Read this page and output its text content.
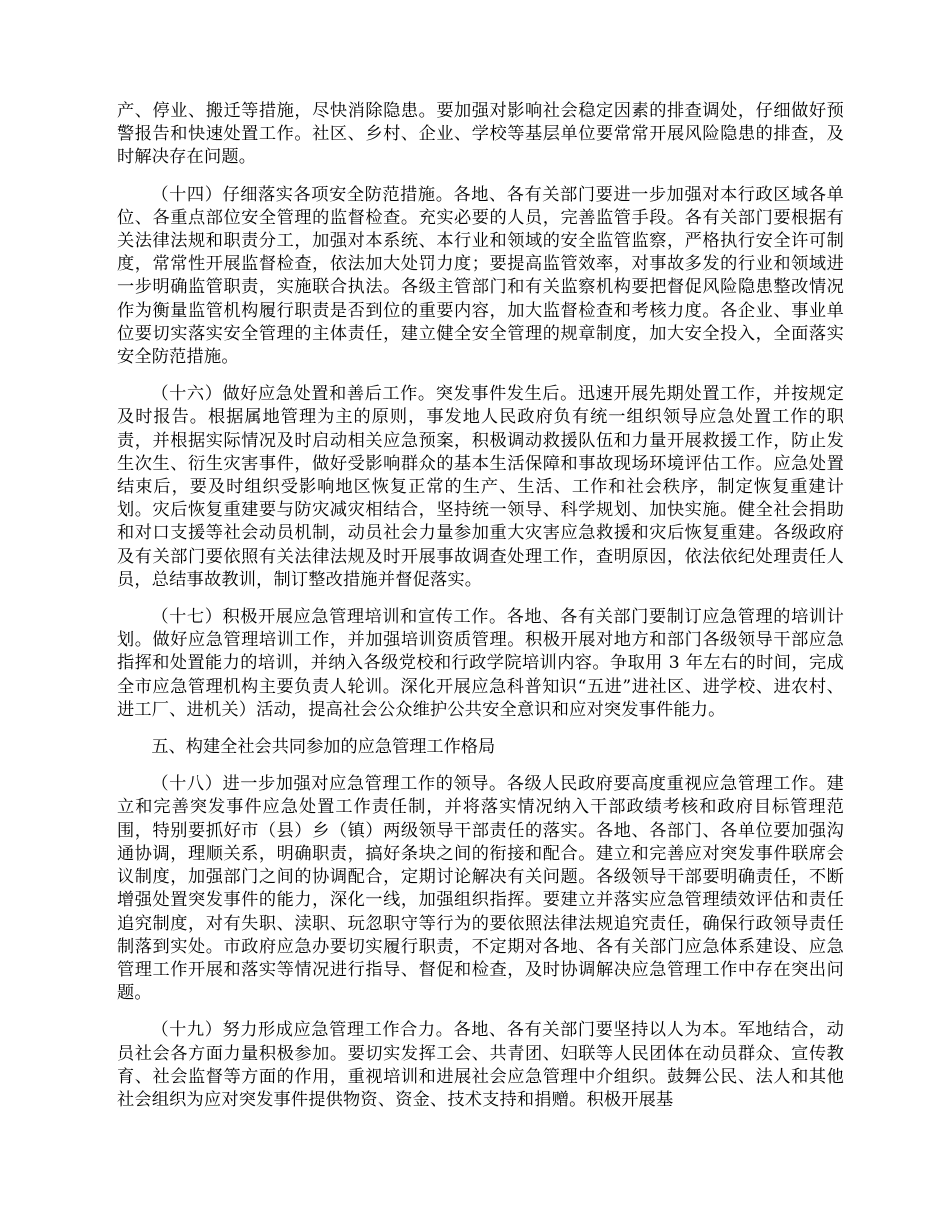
产、停业、搬迁等措施，尽快消除隐患。要加强对影响社会稳定因素的排查调处，仔细做好预警报告和快速处置工作。社区、乡村、企业、学校等基层单位要常常开展风险隐患的排查，及时解决存在问题。

（十四）仔细落实各项安全防范措施。各地、各有关部门要进一步加强对本行政区域各单位、各重点部位安全管理的监督检查。充实必要的人员，完善监管手段。各有关部门要根据有关法律法规和职责分工，加强对本系统、本行业和领域的安全监管监察，严格执行安全许可制度，常常性开展监督检查，依法加大处罚力度；要提高监管效率，对事故多发的行业和领域进一步明确监管职责，实施联合执法。各级主管部门和有关监察机构要把督促风险隐患整改情况作为衡量监管机构履行职责是否到位的重要内容，加大监督检查和考核力度。各企业、事业单位要切实落实安全管理的主体责任，建立健全安全管理的规章制度，加大安全投入，全面落实安全防范措施。

（十六）做好应急处置和善后工作。突发事件发生后。迅速开展先期处置工作，并按规定及时报告。根据属地管理为主的原则，事发地人民政府负有统一组织领导应急处置工作的职责，并根据实际情况及时启动相关应急预案，积极调动救援队伍和力量开展救援工作，防止发生次生、衍生灾害事件，做好受影响群众的基本生活保障和事故现场环境评估工作。应急处置结束后，要及时组织受影响地区恢复正常的生产、生活、工作和社会秩序，制定恢复重建计划。灾后恢复重建要与防灾减灾相结合，坚持统一领导、科学规划、加快实施。健全社会捐助和对口支援等社会动员机制，动员社会力量参加重大灾害应急救援和灾后恢复重建。各级政府及有关部门要依照有关法律法规及时开展事故调查处理工作，查明原因，依法依纪处理责任人员，总结事故教训，制订整改措施并督促落实。

（十七）积极开展应急管理培训和宣传工作。各地、各有关部门要制订应急管理的培训计划。做好应急管理培训工作，并加强培训资质管理。积极开展对地方和部门各级领导干部应急指挥和处置能力的培训，并纳入各级党校和行政学院培训内容。争取用 3 年左右的时间，完成全市应急管理机构主要负责人轮训。深化开展应急科普知识“五进”进社区、进学校、进农村、进工厂、进机关）活动，提高社会公众维护公共安全意识和应对突发事件能力。

五、构建全社会共同参加的应急管理工作格局

（十八）进一步加强对应急管理工作的领导。各级人民政府要高度重视应急管理工作。建立和完善突发事件应急处置工作责任制，并将落实情况纳入干部政绩考核和政府目标管理范围，特别要抓好市（县）乡（镇）两级领导干部责任的落实。各地、各部门、各单位要加强沟通协调，理顺关系，明确职责，搞好条块之间的衔接和配合。建立和完善应对突发事件联席会议制度，加强部门之间的协调配合，定期讨论解决有关问题。各级领导干部要明确责任，不断增强处置突发事件的能力，深化一线，加强组织指挥。要建立并落实应急管理绩效评估和责任追究制度，对有失职、渎职、玩忽职守等行为的要依照法律法规追究责任，确保行政领导责任制落到实处。市政府应急办要切实履行职责，不定期对各地、各有关部门应急体系建设、应急管理工作开展和落实等情况进行指导、督促和检查，及时协调解决应急管理工作中存在突出问题。

（十九）努力形成应急管理工作合力。各地、各有关部门要坚持以人为本。军地结合，动员社会各方面力量积极参加。要切实发挥工会、共青团、妇联等人民团体在动员群众、宣传教育、社会监督等方面的作用，重视培训和进展社会应急管理中介组织。鼓舞公民、法人和其他社会组织为应对突发事件提供物资、资金、技术支持和捐赠。积极开展基
